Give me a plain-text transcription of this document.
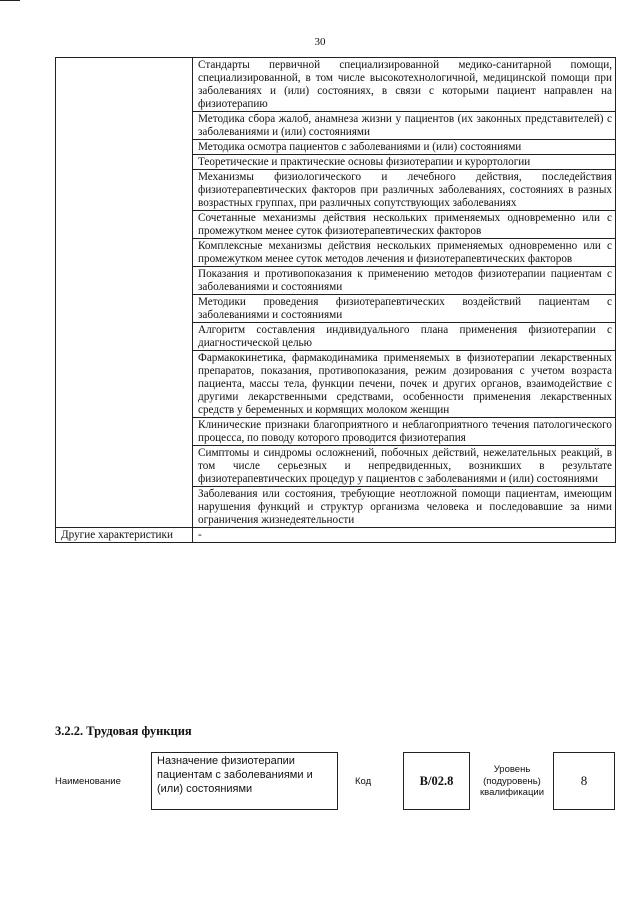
30
	Стандарты первичной специализированной медико-санитарной помощи, специализированной, в том числе высокотехнологичной, медицинской помощи при заболеваниях и (или) состояниях, в связи с которыми пациент направлен на физиотерапию
	Методика сбора жалоб, анамнеза жизни у пациентов (их законных представителей) с заболеваниями и (или) состояниями
	Методика осмотра пациентов с заболеваниями и (или) состояниями
	Теоретические и практические основы физиотерапии и курортологии
	Механизмы физиологического и лечебного действия, последействия физиотерапевтических факторов при различных заболеваниях, состояниях в разных возрастных группах, при различных сопутствующих заболеваниях
	Сочетанные механизмы действия нескольких применяемых одновременно или с промежутком менее суток физиотерапевтических факторов
	Комплексные механизмы действия нескольких применяемых одновременно или с промежутком менее суток методов лечения и физиотерапевтических факторов
	Показания и противопоказания к применению методов физиотерапии пациентам с заболеваниями и состояниями
	Методики проведения физиотерапевтических воздействий пациентам с заболеваниями и состояниями
	Алгоритм составления индивидуального плана применения физиотерапии с диагностической целью
	Фармакокинетика, фармакодинамика применяемых в физиотерапии лекарственных препаратов, показания, противопоказания, режим дозирования с учетом возраста пациента, массы тела, функции печени, почек и других органов, взаимодействие с другими лекарственными средствами, особенности применения лекарственных средств у беременных и кормящих молоком женщин
	Клинические признаки благоприятного и неблагоприятного течения патологического процесса, по поводу которого проводится физиотерапия
	Симптомы и синдромы осложнений, побочных действий, нежелательных реакций, в том числе серьезных и непредвиденных, возникших в результате физиотерапевтических процедур у пациентов с заболеваниями и (или) состояниями
	Заболевания или состояния, требующие неотложной помощи пациентам, имеющим нарушения функций и структур организма человека и последовавшие за ними ограничения жизнедеятельности
Другие характеристики	-
3.2.2. Трудовая функция
Наименование
Назначение физиотерапии пациентам с заболеваниями и (или) состояниями
Код	B/02.8
Уровень (подуровень) квалификации
8
